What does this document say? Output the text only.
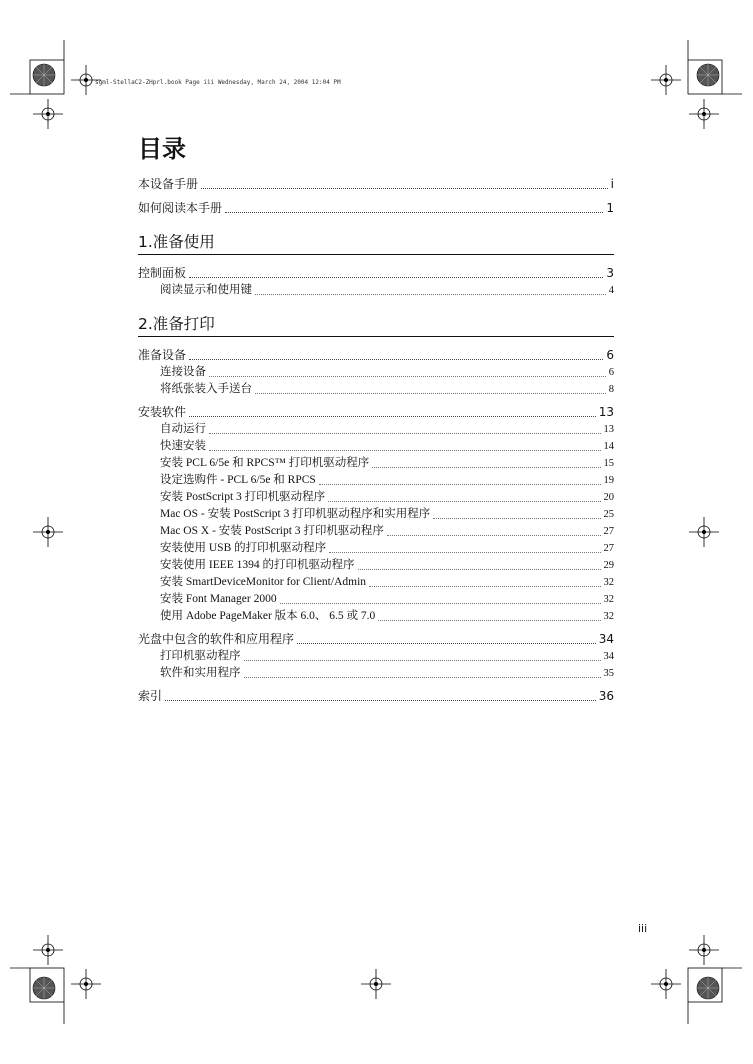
sgml-StellaC2-ZHprl.book Page iii Wednesday, March 24, 2004 12:04 PM
目录
本设备手册	i
如何阅读本手册	1
1.准备使用
控制面板	3
阅读显示和使用键	4
2.准备打印
准备设备	6
连接设备	6
将纸张装入手送台	8
安装软件	13
自动运行	13
快速安装	14
安装 PCL 6/5e 和 RPCS™ 打印机驱动程序	15
设定选购件 - PCL 6/5e 和 RPCS	19
安装 PostScript 3 打印机驱动程序	20
Mac OS - 安装 PostScript 3 打印机驱动程序和实用程序	25
Mac OS X - 安装 PostScript 3 打印机驱动程序	27
安装使用 USB 的打印机驱动程序	27
安装使用 IEEE 1394 的打印机驱动程序	29
安装 SmartDeviceMonitor for Client/Admin	32
安装 Font Manager 2000	32
使用 Adobe PageMaker 版本 6.0、 6.5 或 7.0	32
光盘中包含的软件和应用程序	34
打印机驱动程序	34
软件和实用程序	35
索引	36
iii
